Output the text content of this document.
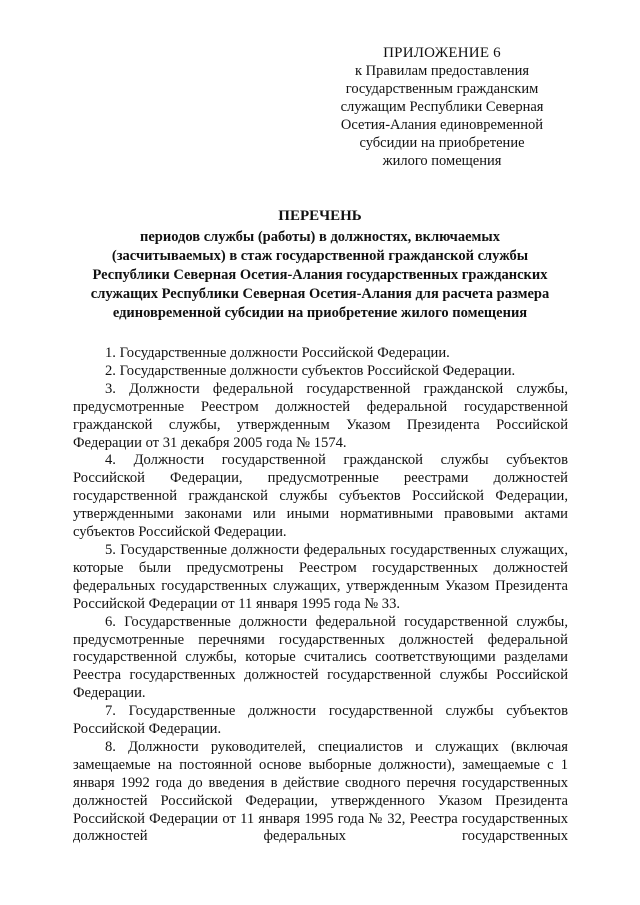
ПРИЛОЖЕНИЕ 6
к Правилам предоставления
государственным гражданским
служащим Республики Северная
Осетия-Алания единовременной
субсидии на приобретение
жилого помещения
ПЕРЕЧЕНЬ
периодов службы (работы) в должностях, включаемых
(засчитываемых) в стаж государственной гражданской службы
Республики Северная Осетия-Алания государственных гражданских
служащих Республики Северная Осетия-Алания для расчета размера
единовременной субсидии на приобретение жилого помещения

1. Государственные должности Российской Федерации.

2. Государственные должности субъектов Российской Федерации.

3. Должности федеральной государственной гражданской службы, предусмотренные Реестром должностей федеральной государственной гражданской службы, утвержденным Указом Президента Российской Федерации от 31 декабря 2005 года № 1574.

4. Должности государственной гражданской службы субъектов Российской Федерации, предусмотренные реестрами должностей государственной гражданской службы субъектов Российской Федерации, утвержденными законами или иными нормативными правовыми актами субъектов Российской Федерации.

5. Государственные должности федеральных государственных служащих, которые были предусмотрены Реестром государственных должностей федеральных государственных служащих, утвержденным Указом Президента Российской Федерации от 11 января 1995 года № 33.

6. Государственные должности федеральной государственной службы, предусмотренные перечнями государственных должностей федеральной государственной службы, которые считались соответствующими разделами Реестра государственных должностей государственной службы Российской Федерации.

7. Государственные должности государственной службы субъектов Российской Федерации.

8. Должности руководителей, специалистов и служащих (включая замещаемые на постоянной основе выборные должности), замещаемые с 1 января 1992 года до введения в действие сводного перечня государственных должностей Российской Федерации, утвержденного Указом Президента Российской Федерации от 11 января 1995 года № 32, Реестра государственных должностей федеральных государственных
